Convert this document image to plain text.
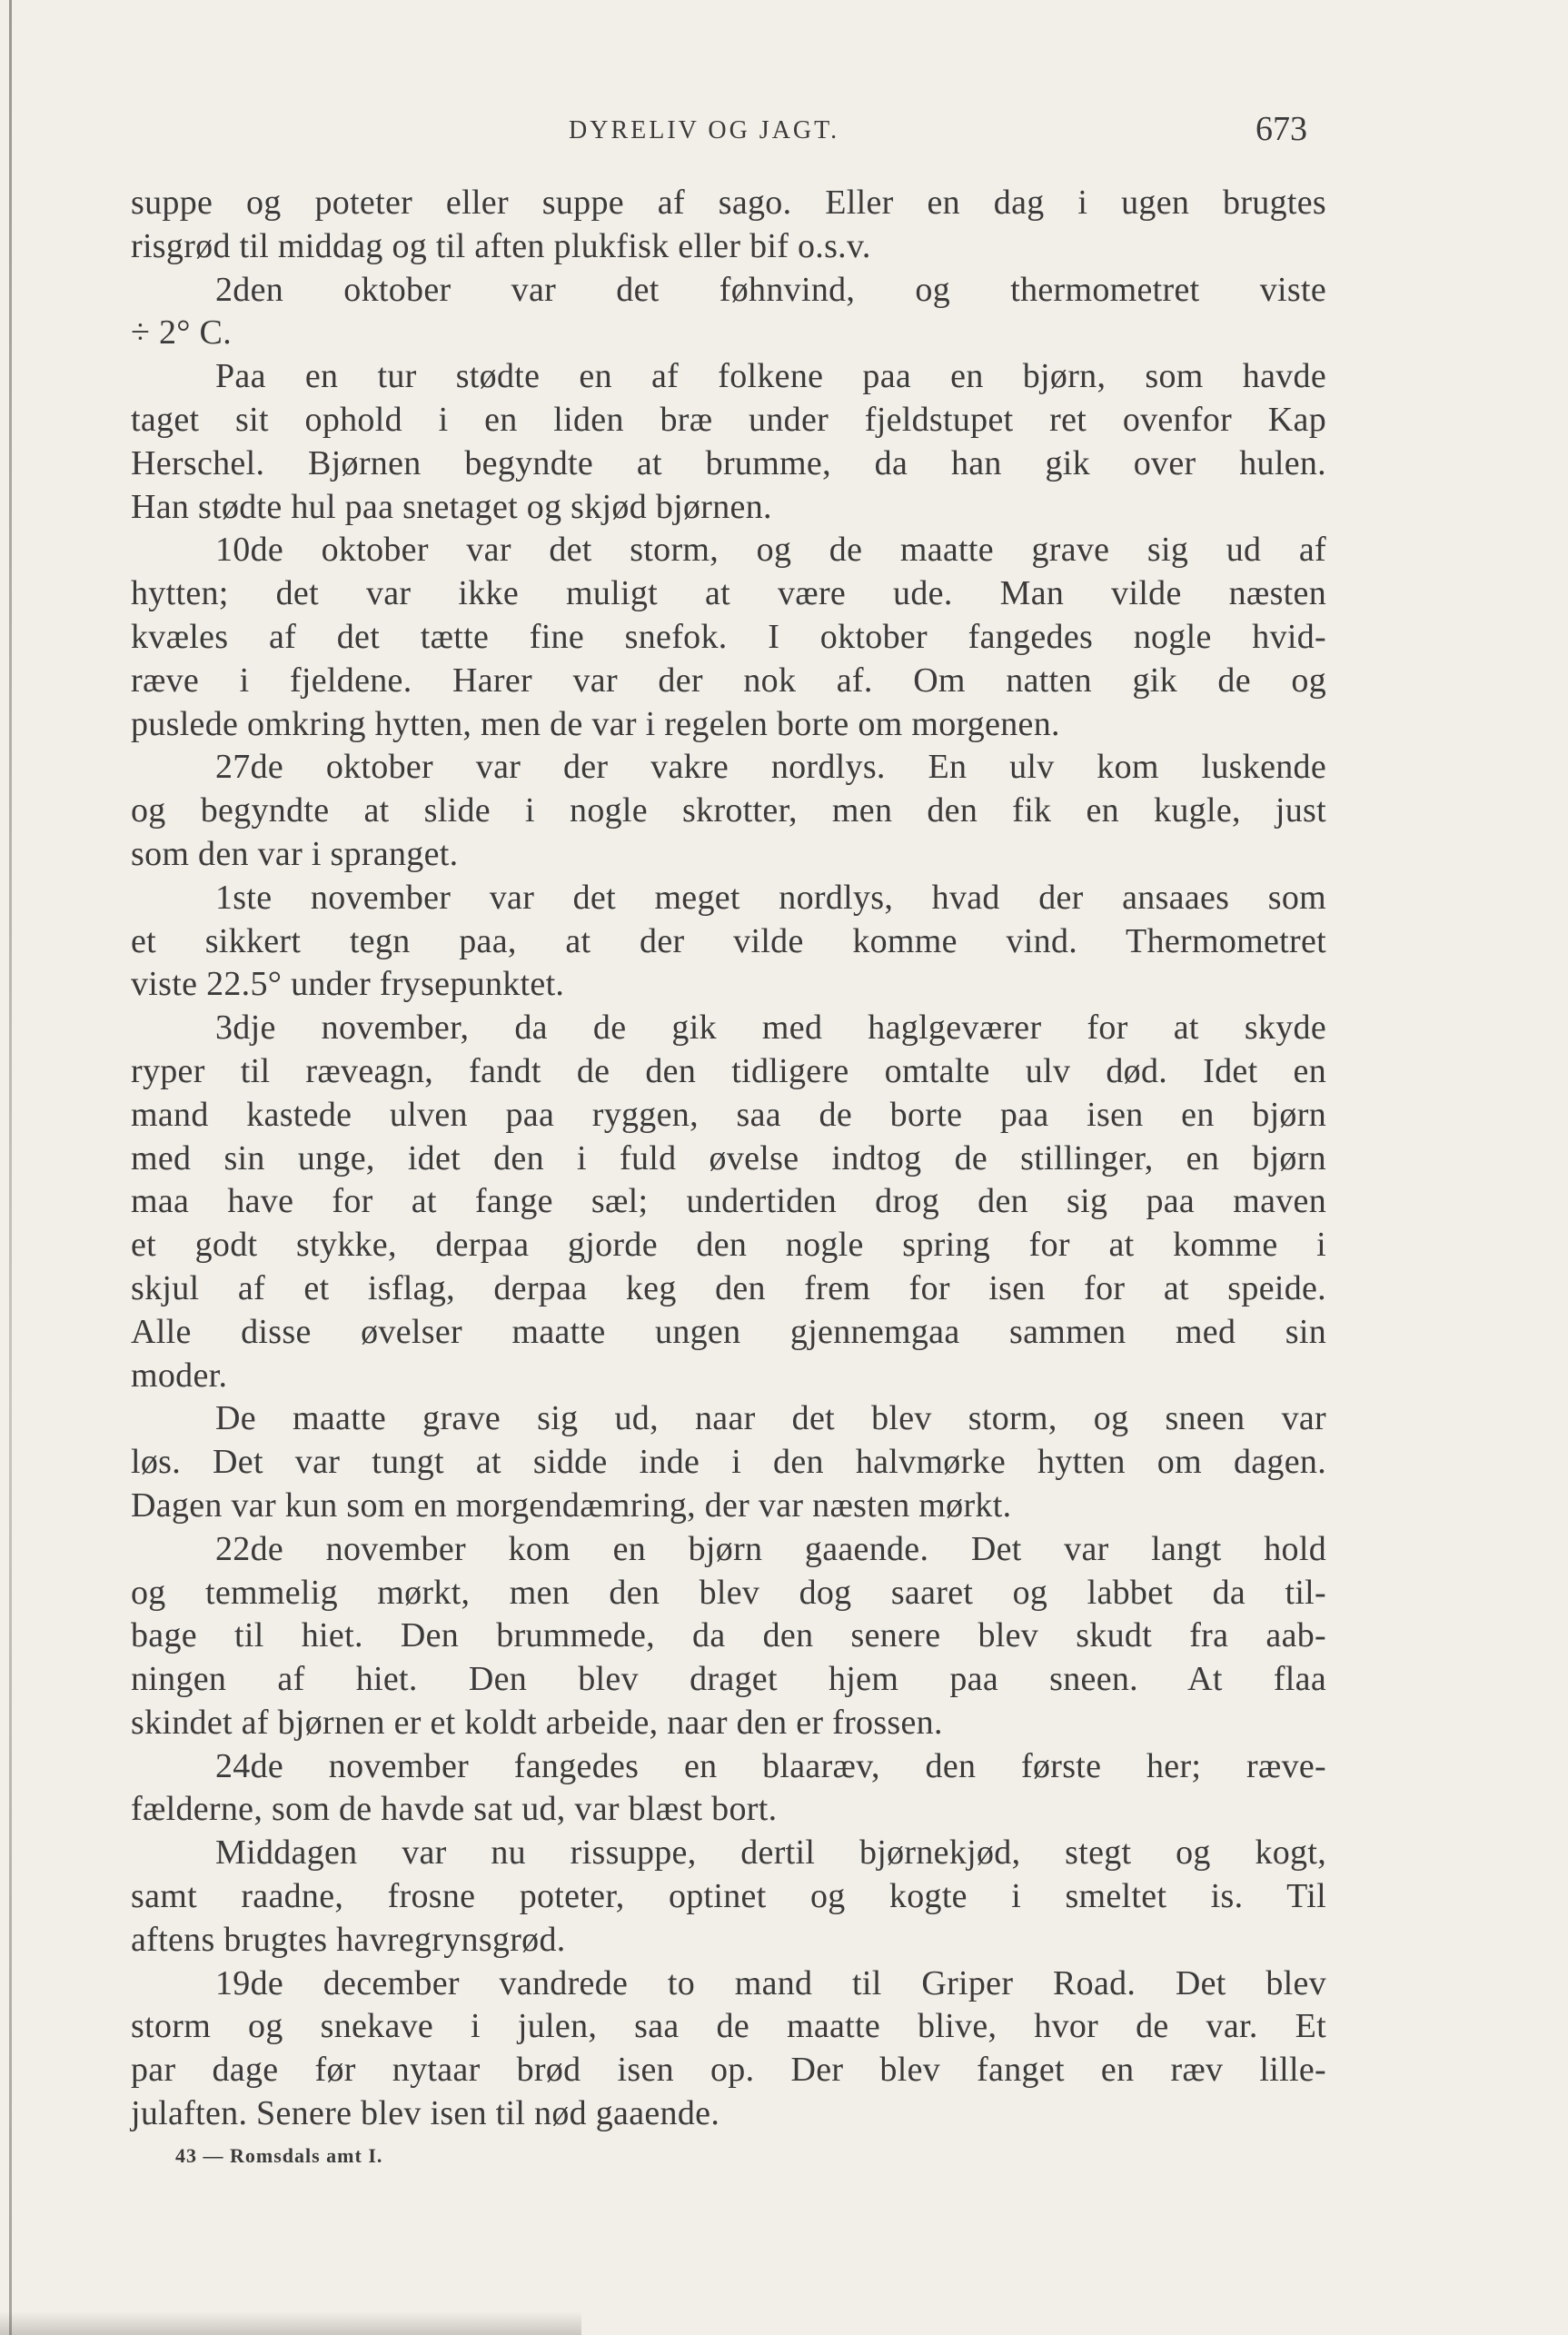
DYRELIV OG JAGT.	673
suppe og poteter eller suppe af sago. Eller en dag i ugen brugtes
risgrød til middag og til aften plukfisk eller bif o.s.v.
2den oktober var det føhnvind, og thermometret viste
÷ 2° C.
Paa en tur stødte en af folkene paa en bjørn, som havde
taget sit ophold i en liden bræ under fjeldstupet ret ovenfor Kap
Herschel. Bjørnen begyndte at brumme, da han gik over hulen.
Han stødte hul paa snetaget og skjød bjørnen.
10de oktober var det storm, og de maatte grave sig ud af
hytten; det var ikke muligt at være ude. Man vilde næsten
kvæles af det tætte fine snefok. I oktober fangedes nogle hvid-
ræve i fjeldene. Harer var der nok af. Om natten gik de og
puslede omkring hytten, men de var i regelen borte om morgenen.
27de oktober var der vakre nordlys. En ulv kom luskende
og begyndte at slide i nogle skrotter, men den fik en kugle, just
som den var i spranget.
1ste november var det meget nordlys, hvad der ansaaes som
et sikkert tegn paa, at der vilde komme vind. Thermometret
viste 22.5° under frysepunktet.
3dje november, da de gik med haglgeværer for at skyde
ryper til ræveagn, fandt de den tidligere omtalte ulv død. Idet en
mand kastede ulven paa ryggen, saa de borte paa isen en bjørn
med sin unge, idet den i fuld øvelse indtog de stillinger, en bjørn
maa have for at fange sæl; undertiden drog den sig paa maven
et godt stykke, derpaa gjorde den nogle spring for at komme i
skjul af et isflag, derpaa keg den frem for isen for at speide.
Alle disse øvelser maatte ungen gjennemgaa sammen med sin
moder.
De maatte grave sig ud, naar det blev storm, og sneen var
løs. Det var tungt at sidde inde i den halvmørke hytten om dagen.
Dagen var kun som en morgendæmring, der var næsten mørkt.
22de november kom en bjørn gaaende. Det var langt hold
og temmelig mørkt, men den blev dog saaret og labbet da til-
bage til hiet. Den brummede, da den senere blev skudt fra aab-
ningen af hiet. Den blev draget hjem paa sneen. At flaa
skindet af bjørnen er et koldt arbeide, naar den er frossen.
24de november fangedes en blaaræv, den første her; ræve-
fælderne, som de havde sat ud, var blæst bort.
Middagen var nu rissuppe, dertil bjørnekjød, stegt og kogt,
samt raadne, frosne poteter, optinet og kogte i smeltet is. Til
aftens brugtes havregrynsgrød.
19de december vandrede to mand til Griper Road. Det blev
storm og snekave i julen, saa de maatte blive, hvor de var. Et
par dage før nytaar brød isen op. Der blev fanget en ræv lille-
julaften. Senere blev isen til nød gaaende.
43 — Romsdals amt I.
